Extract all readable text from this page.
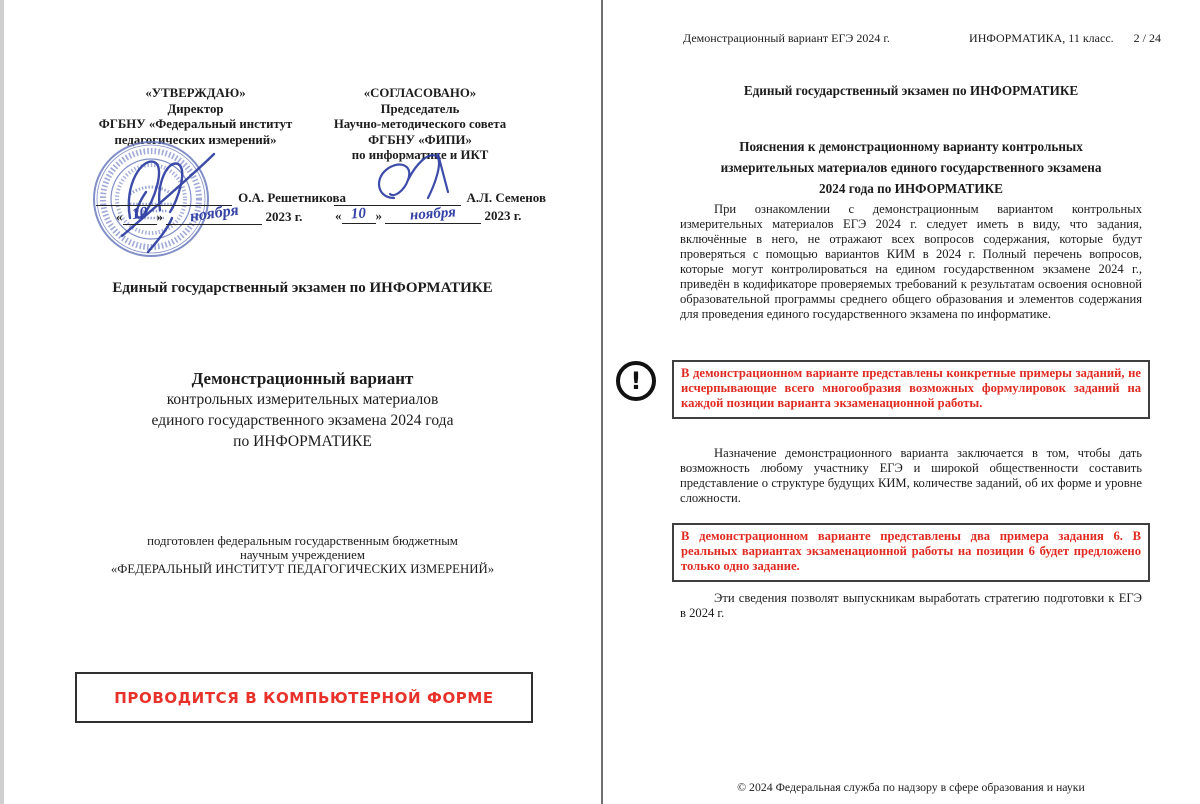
«УТВЕРЖДАЮ»
Директор
ФГБНУ «Федеральный институт
педагогических измерений»
«СОГЛАСОВАНО»
Председатель
Научно-методического совета
ФГБНУ «ФИПИ»
по информатике и ИКТ
О.А. Решетникова
« 10 » ноября 2023 г.
А.Л. Семенов
« 10 » ноября 2023 г.
Единый государственный экзамен по ИНФОРМАТИКЕ
Демонстрационный вариант
контрольных измерительных материалов
единого государственного экзамена 2024 года
по ИНФОРМАТИКЕ
подготовлен федеральным государственным бюджетным
научным учреждением
«ФЕДЕРАЛЬНЫЙ ИНСТИТУТ ПЕДАГОГИЧЕСКИХ ИЗМЕРЕНИЙ»
ПРОВОДИТСЯ В КОМПЬЮТЕРНОЙ ФОРМЕ
Демонстрационный вариант ЕГЭ 2024 г.	ИНФОРМАТИКА, 11 класс. 2 / 24
Единый государственный экзамен по ИНФОРМАТИКЕ
Пояснения к демонстрационному варианту контрольных
измерительных материалов единого государственного экзамена
2024 года по ИНФОРМАТИКЕ
При ознакомлении с демонстрационным вариантом контрольных измерительных материалов ЕГЭ 2024 г. следует иметь в виду, что задания, включённые в него, не отражают всех вопросов содержания, которые будут проверяться с помощью вариантов КИМ в 2024 г. Полный перечень вопросов, которые могут контролироваться на едином государственном экзамене 2024 г., приведён в кодификаторе проверяемых требований к результатам освоения основной образовательной программы среднего общего образования и элементов содержания для проведения единого государственного экзамена по информатике.
!	В демонстрационном варианте представлены конкретные примеры заданий, не исчерпывающие всего многообразия возможных формулировок заданий на каждой позиции варианта экзаменационной работы.
Назначение демонстрационного варианта заключается в том, чтобы дать возможность любому участнику ЕГЭ и широкой общественности составить представление о структуре будущих КИМ, количестве заданий, об их форме и уровне сложности.
В демонстрационном варианте представлены два примера задания 6. В реальных вариантах экзаменационной работы на позиции 6 будет предложено только одно задание.
Эти сведения позволят выпускникам выработать стратегию подготовки к ЕГЭ в 2024 г.
© 2024 Федеральная служба по надзору в сфере образования и науки
